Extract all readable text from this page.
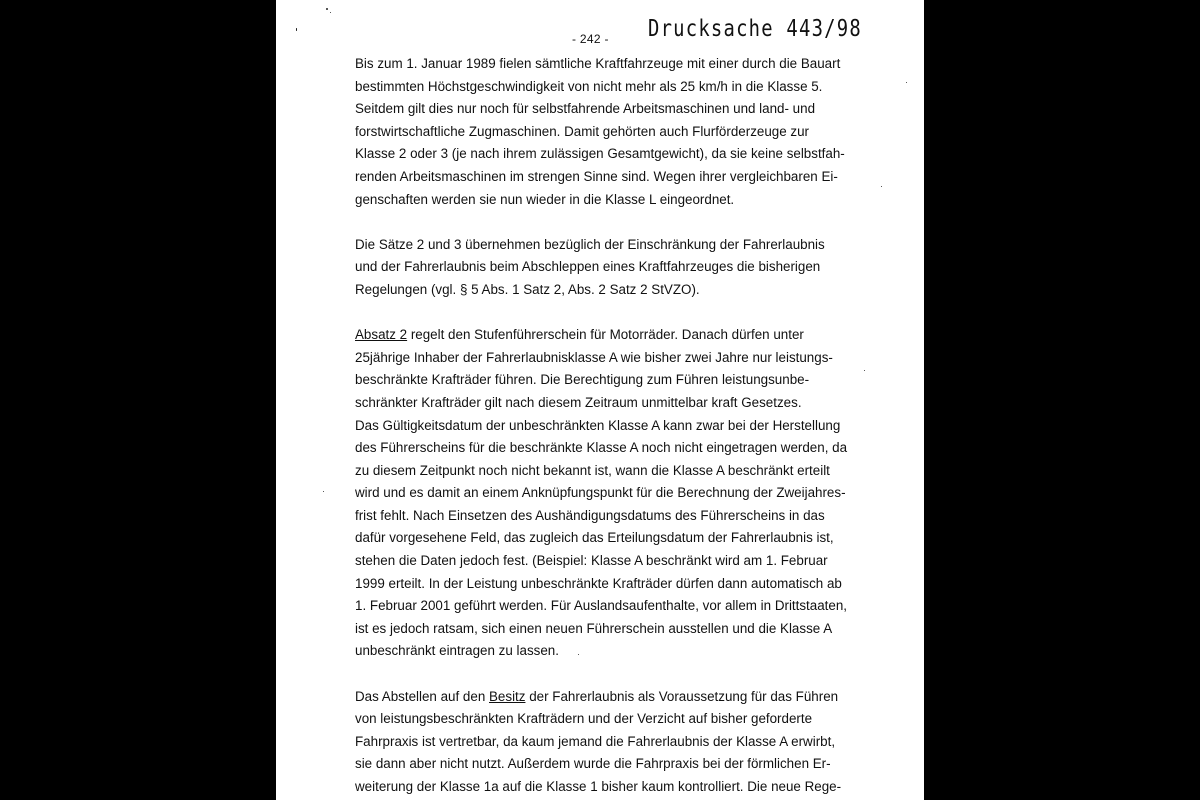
- 242 - Drucksache 443/98

Bis zum 1. Januar 1989 fielen sämtliche Kraftfahrzeuge mit einer durch die Bauart
bestimmten Höchstgeschwindigkeit von nicht mehr als 25 km/h in die Klasse 5.
Seitdem gilt dies nur noch für selbstfahrende Arbeitsmaschinen und land- und
forstwirtschaftliche Zugmaschinen. Damit gehörten auch Flurförderzeuge zur
Klasse 2 oder 3 (je nach ihrem zulässigen Gesamtgewicht), da sie keine selbstfah-
renden Arbeitsmaschinen im strengen Sinne sind. Wegen ihrer vergleichbaren Ei-
genschaften werden sie nun wieder in die Klasse L eingeordnet.

Die Sätze 2 und 3 übernehmen bezüglich der Einschränkung der Fahrerlaubnis
und der Fahrerlaubnis beim Abschleppen eines Kraftfahrzeuges die bisherigen
Regelungen (vgl. § 5 Abs. 1 Satz 2, Abs. 2 Satz 2 StVZO).

Absatz 2 regelt den Stufenführerschein für Motorräder. Danach dürfen unter
25jährige Inhaber der Fahrerlaubnisklasse A wie bisher zwei Jahre nur leistungs-
beschränkte Krafträder führen. Die Berechtigung zum Führen leistungsunbe-
schränkter Krafträder gilt nach diesem Zeitraum unmittelbar kraft Gesetzes.
Das Gültigkeitsdatum der unbeschränkten Klasse A kann zwar bei der Herstellung
des Führerscheins für die beschränkte Klasse A noch nicht eingetragen werden, da
zu diesem Zeitpunkt noch nicht bekannt ist, wann die Klasse A beschränkt erteilt
wird und es damit an einem Anknüpfungspunkt für die Berechnung der Zweijahres-
frist fehlt. Nach Einsetzen des Aushändigungsdatums des Führerscheins in das
dafür vorgesehene Feld, das zugleich das Erteilungsdatum der Fahrerlaubnis ist,
stehen die Daten jedoch fest. (Beispiel: Klasse A beschränkt wird am 1. Februar
1999 erteilt. In der Leistung unbeschränkte Krafträder dürfen dann automatisch ab
1. Februar 2001 geführt werden. Für Auslandsaufenthalte, vor allem in Drittstaaten,
ist es jedoch ratsam, sich einen neuen Führerschein ausstellen und die Klasse A
unbeschränkt eintragen zu lassen.

Das Abstellen auf den Besitz der Fahrerlaubnis als Voraussetzung für das Führen
von leistungsbeschränkten Krafträdern und der Verzicht auf bisher geforderte
Fahrpraxis ist vertretbar, da kaum jemand die Fahrerlaubnis der Klasse A erwirbt,
sie dann aber nicht nutzt. Außerdem wurde die Fahrpraxis bei der förmlichen Er-
weiterung der Klasse 1a auf die Klasse 1 bisher kaum kontrolliert. Die neue Rege-
